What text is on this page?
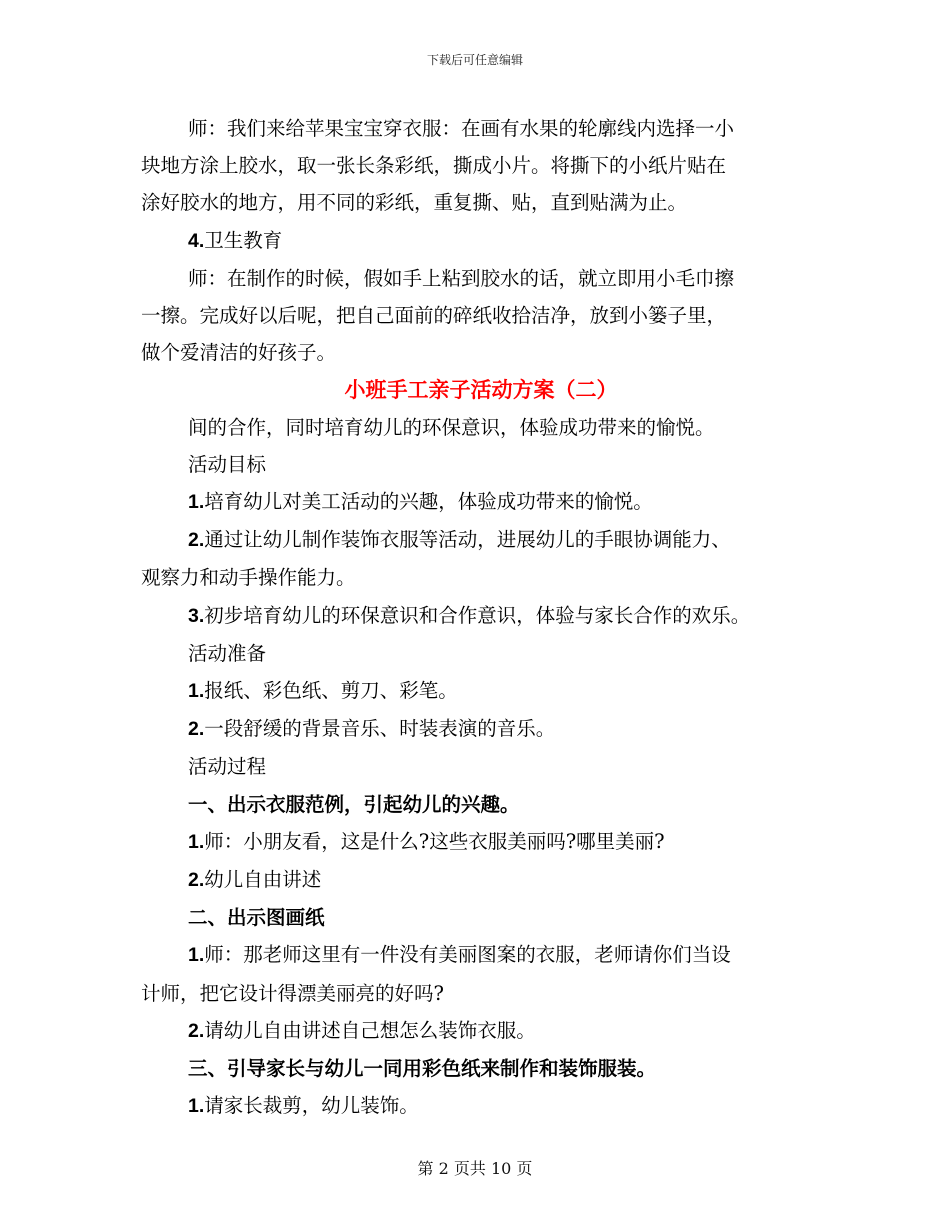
下载后可任意编辑

师：我们来给苹果宝宝穿衣服：在画有水果的轮廓线内选择一小

块地方涂上胶水，取一张长条彩纸，撕成小片。将撕下的小纸片贴在

涂好胶水的地方，用不同的彩纸，重复撕、贴，直到贴满为止。

4.卫生教育

师：在制作的时候，假如手上粘到胶水的话，就立即用小毛巾擦

一擦。完成好以后呢，把自己面前的碎纸收拾洁净，放到小篓子里，

做个爱清洁的好孩子。

小班手工亲子活动方案（二）

间的合作，同时培育幼儿的环保意识，体验成功带来的愉悦。

活动目标

1.培育幼儿对美工活动的兴趣，体验成功带来的愉悦。

2.通过让幼儿制作装饰衣服等活动，进展幼儿的手眼协调能力、

观察力和动手操作能力。

3.初步培育幼儿的环保意识和合作意识，体验与家长合作的欢乐。

活动准备

1.报纸、彩色纸、剪刀、彩笔。

2.一段舒缓的背景音乐、时装表演的音乐。

活动过程

一、出示衣服范例，引起幼儿的兴趣。

1.师：小朋友看，这是什么?这些衣服美丽吗?哪里美丽?

2.幼儿自由讲述

二、出示图画纸

1.师：那老师这里有一件没有美丽图案的衣服，老师请你们当设

计师，把它设计得漂美丽亮的好吗?

2.请幼儿自由讲述自己想怎么装饰衣服。

三、引导家长与幼儿一同用彩色纸来制作和装饰服装。

1.请家长裁剪，幼儿装饰。

第 2 页共 10 页
